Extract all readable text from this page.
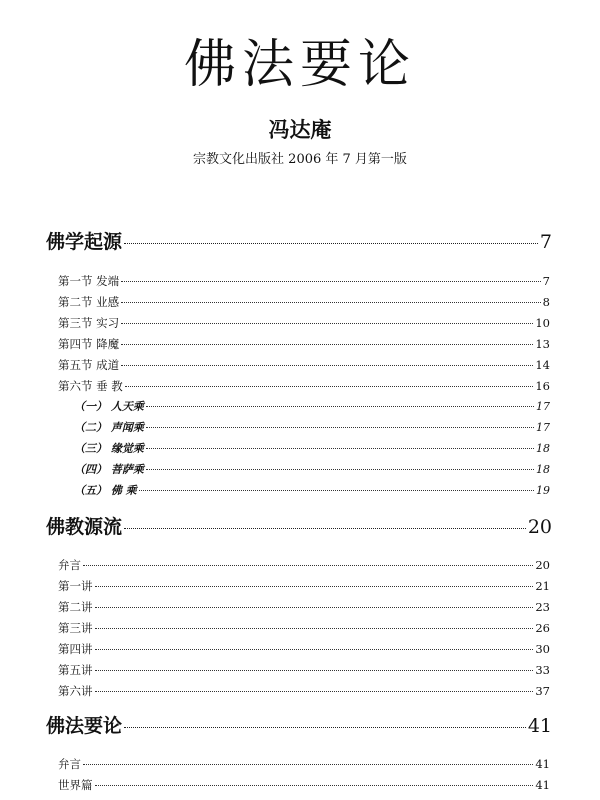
佛法要论
冯达庵
宗教文化出版社 2006 年 7 月第一版
佛学起源	7
第一节 发端	7
第二节 业感	8
第三节 实习	10
第四节 降魔	13
第五节 成道	14
第六节 垂 教	16
（一） 人天乘	17
（二） 声闻乘	17
（三） 缘觉乘	18
（四） 菩萨乘	18
（五） 佛 乘	19
佛教源流	20
弁言	20
第一讲	21
第二讲	23
第三讲	26
第四讲	30
第五讲	33
第六讲	37
佛法要论	41
弁言	41
世界篇	41
